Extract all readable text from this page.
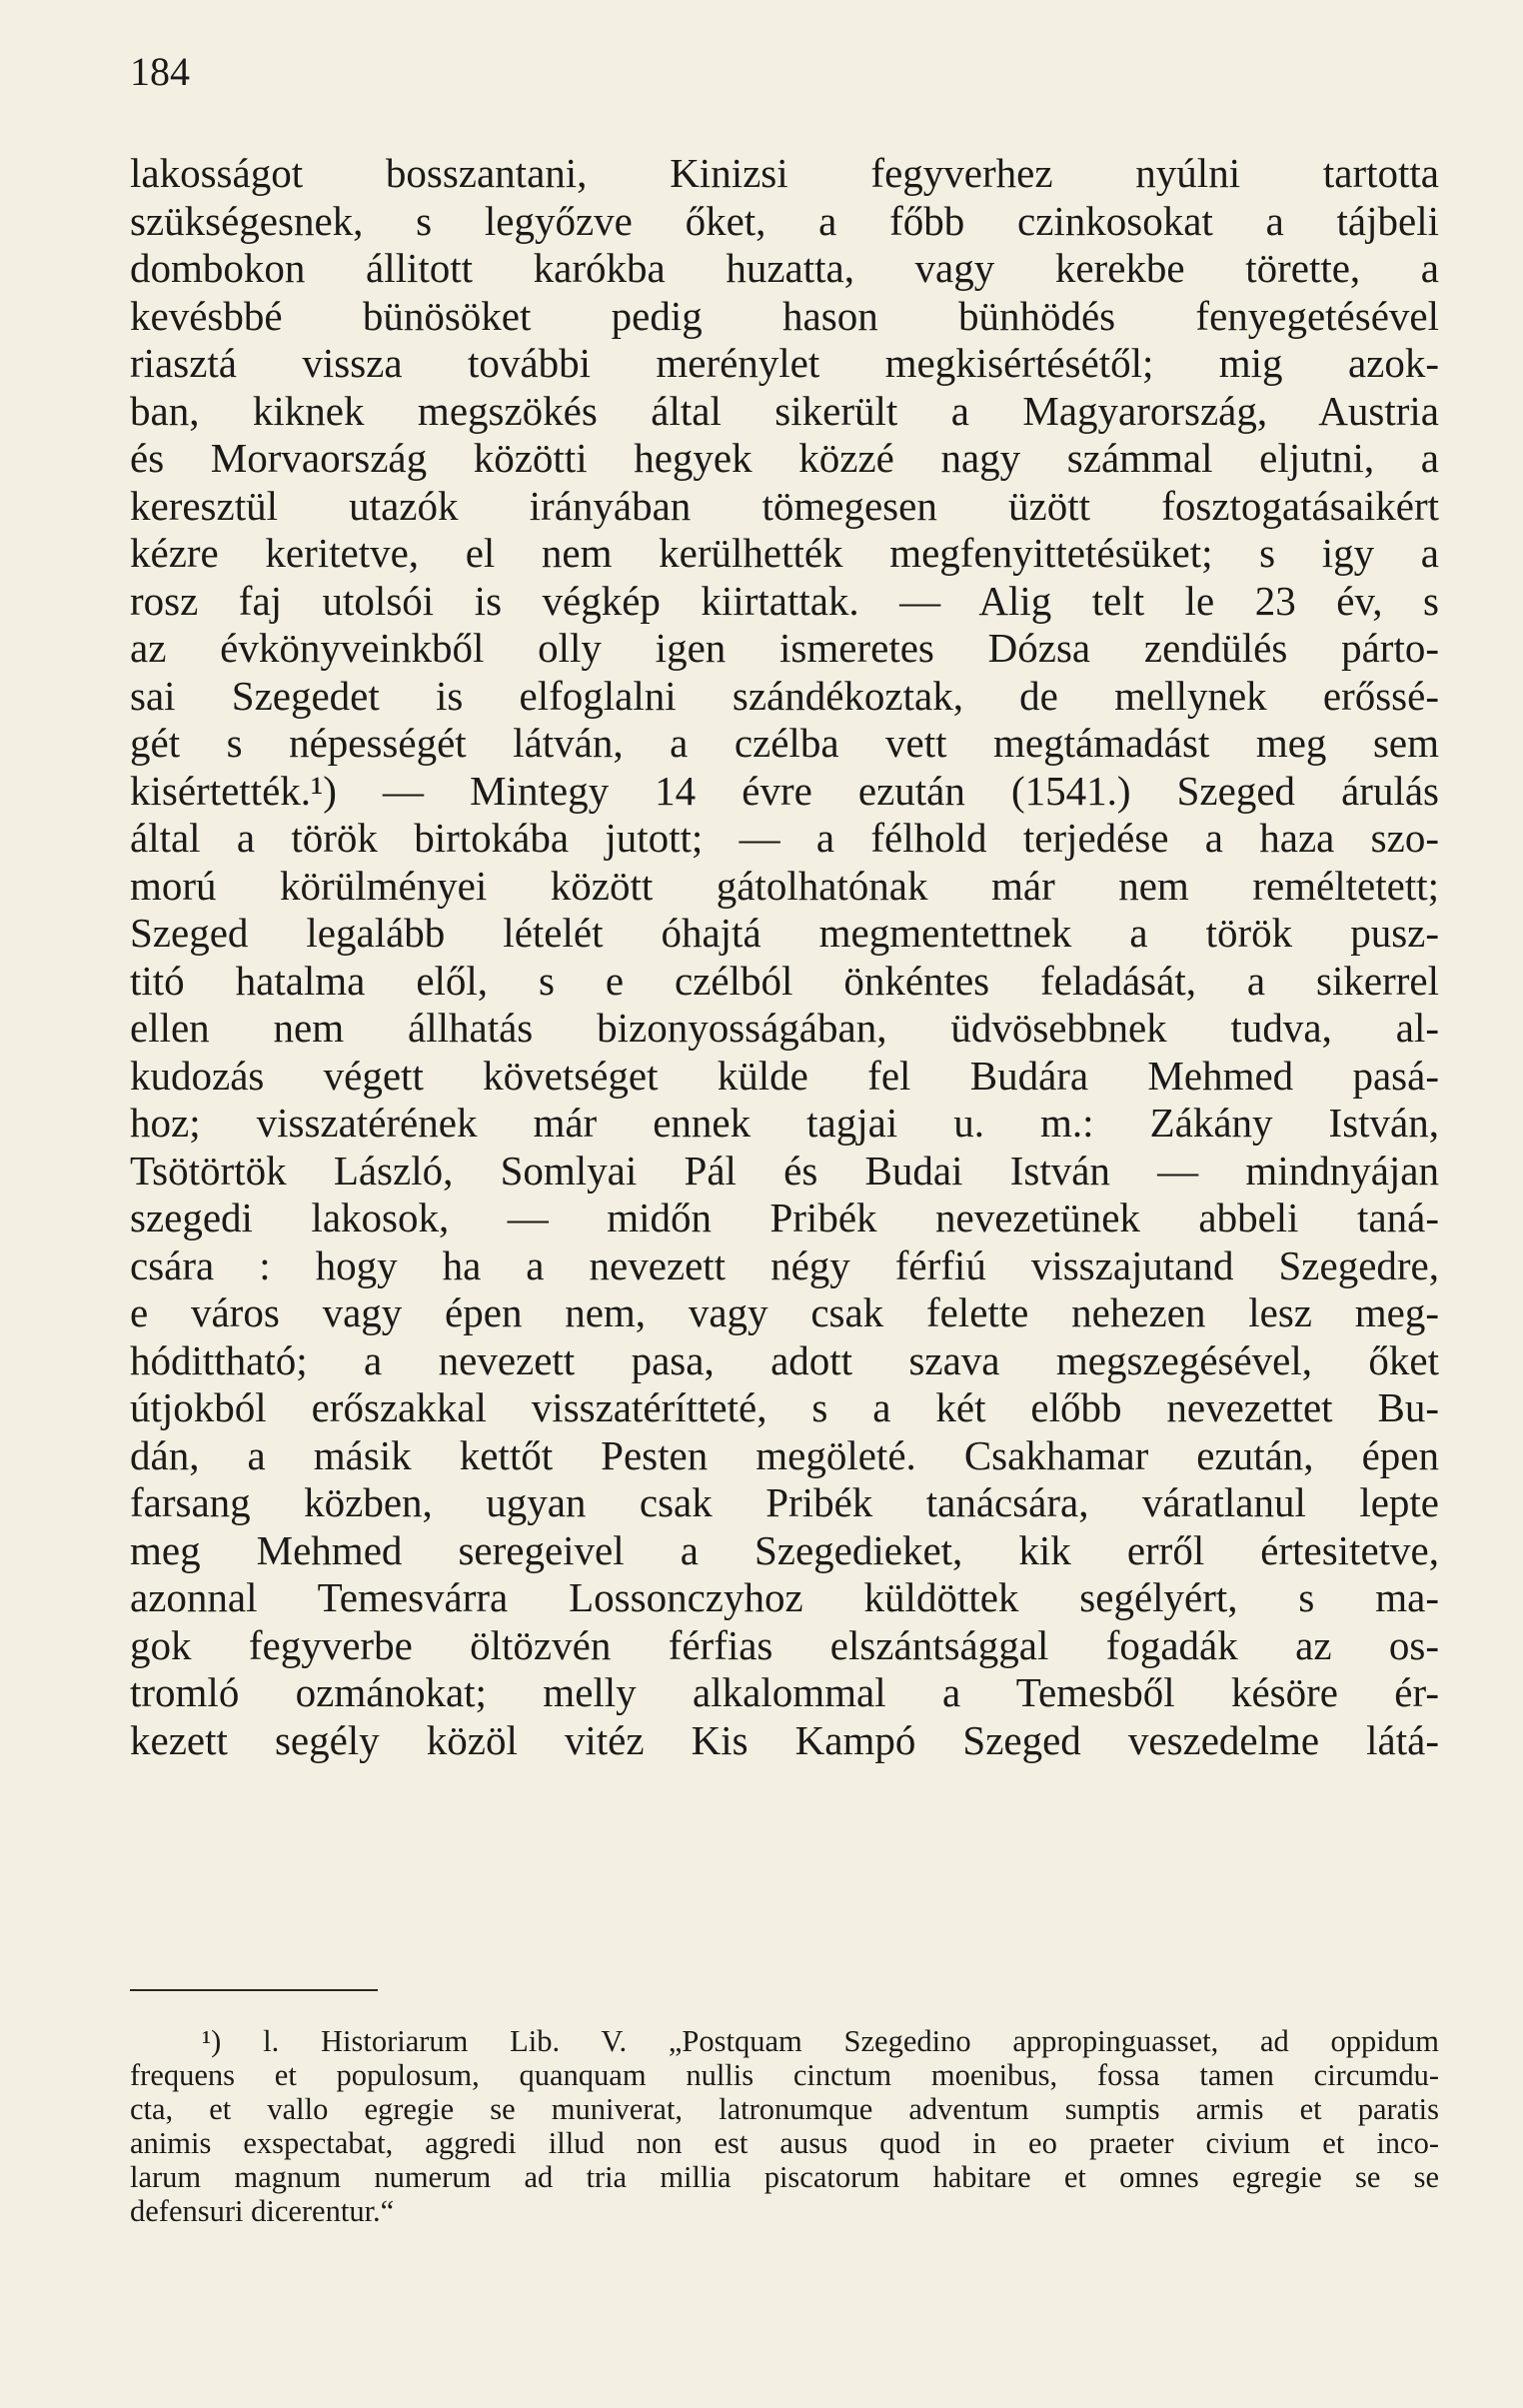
184
lakosságot bosszantani, Kinizsi fegyverhez nyúlni tartotta
szükségesnek, s legyőzve őket, a főbb czinkosokat a tájbeli
dombokon állitott karókba huzatta, vagy kerekbe törette, a
kevésbbé bünösöket pedig hason bünhödés fenyegetésével
riasztá vissza további merénylet megkisértésétől; mig azok-
ban, kiknek megszökés által sikerült a Magyarország, Austria
és Morvaország közötti hegyek közzé nagy számmal eljutni, a
keresztül utazók irányában tömegesen üzött fosztogatásaikért
kézre keritetve, el nem kerülhették megfenyittetésüket; s igy a
rosz faj utolsói is végkép kiirtattak. — Alig telt le 23 év, s
az évkönyveinkből olly igen ismeretes Dózsa zendülés párto-
sai Szegedet is elfoglalni szándékoztak, de mellynek erőssé-
gét s népességét látván, a czélba vett megtámadást meg sem
kisértették.¹) — Mintegy 14 évre ezután (1541.) Szeged árulás
által a török birtokába jutott; — a félhold terjedése a haza szo-
morú körülményei között gátolhatónak már nem reméltetett;
Szeged legalább lételét óhajtá megmentettnek a török pusz-
titó hatalma elől, s e czélból önkéntes feladását, a sikerrel
ellen nem állhatás bizonyosságában, üdvösebbnek tudva, al-
kudozás végett követséget külde fel Budára Mehmed pasá-
hoz; visszatérének már ennek tagjai u. m.: Zákány István,
Tsötörtök László, Somlyai Pál és Budai István — mindnyájan
szegedi lakosok, — midőn Pribék nevezetünek abbeli taná-
csára : hogy ha a nevezett négy férfiú visszajutand Szegedre,
e város vagy épen nem, vagy csak felette nehezen lesz meg-
hódittható; a nevezett pasa, adott szava megszegésével, őket
útjokból erőszakkal visszatérítteté, s a két előbb nevezettet Bu-
dán, a másik kettőt Pesten megöleté. Csakhamar ezután, épen
farsang közben, ugyan csak Pribék tanácsára, váratlanul lepte
meg Mehmed seregeivel a Szegedieket, kik erről értesitetve,
azonnal Temesvárra Lossonczyhoz küldöttek segélyért, s ma-
gok fegyverbe öltözvén férfias elszántsággal fogadák az os-
tromló ozmánokat; melly alkalommal a Temesből késöre ér-
kezett segély közöl vitéz Kis Kampó Szeged veszedelme látá-
¹) l. Historiarum Lib. V. „Postquam Szegedino appropinguasset, ad oppidum
frequens et populosum, quanquam nullis cinctum moenibus, fossa tamen circumdu-
cta, et vallo egregie se muniverat, latronumque adventum sumptis armis et paratis
animis exspectabat, aggredi illud non est ausus quod in eo praeter civium et inco-
larum magnum numerum ad tria millia piscatorum habitare et omnes egregie se se
defensuri dicerentur.“
